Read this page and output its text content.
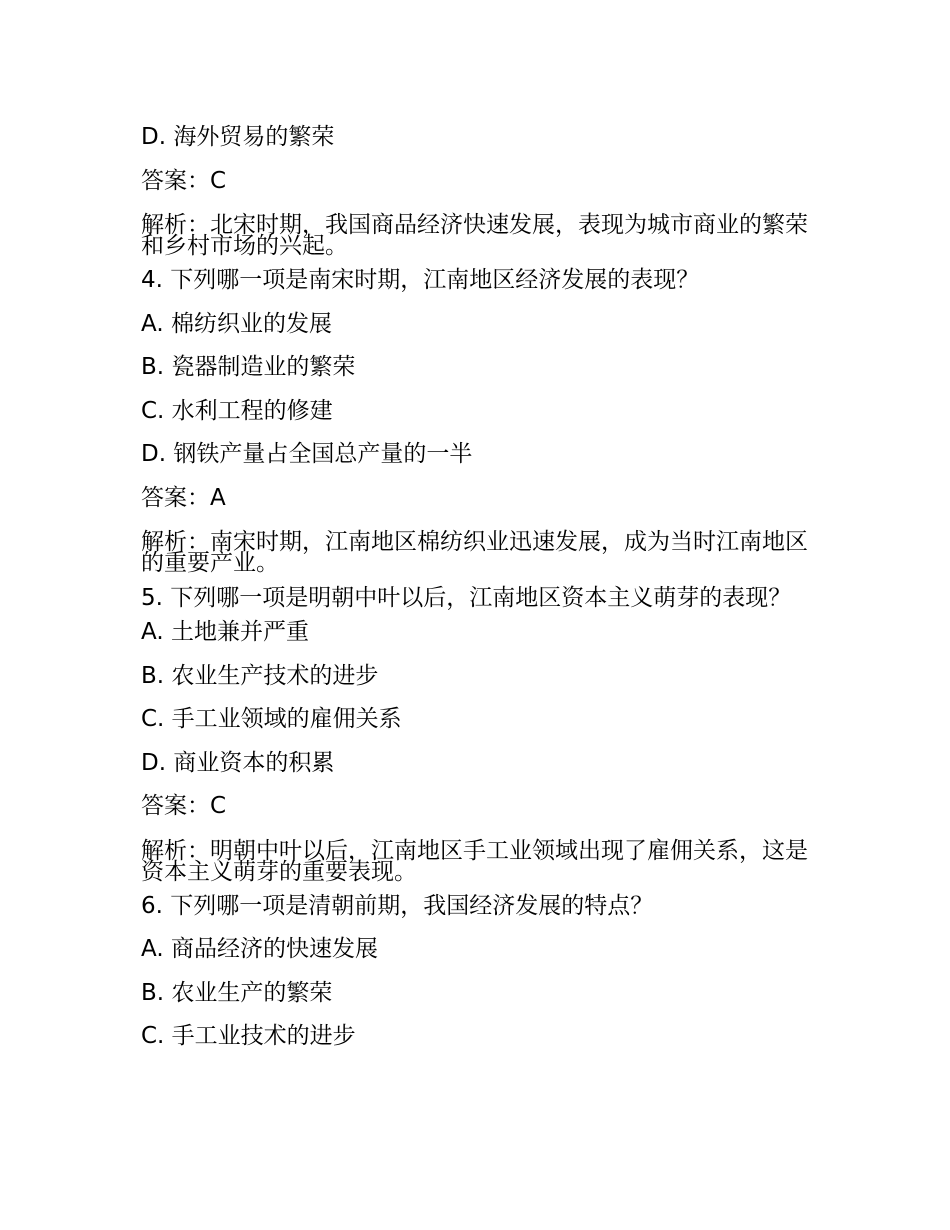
D. 海外贸易的繁荣
答案：C
解析：北宋时期，我国商品经济快速发展，表现为城市商业的繁荣和乡村市场的兴起。
4. 下列哪一项是南宋时期，江南地区经济发展的表现？
A. 棉纺织业的发展
B. 瓷器制造业的繁荣
C. 水利工程的修建
D. 钢铁产量占全国总产量的一半
答案：A
解析：南宋时期，江南地区棉纺织业迅速发展，成为当时江南地区的重要产业。
5. 下列哪一项是明朝中叶以后，江南地区资本主义萌芽的表现？
A. 土地兼并严重
B. 农业生产技术的进步
C. 手工业领域的雇佣关系
D. 商业资本的积累
答案：C
解析：明朝中叶以后，江南地区手工业领域出现了雇佣关系，这是资本主义萌芽的重要表现。
6. 下列哪一项是清朝前期，我国经济发展的特点？
A. 商品经济的快速发展
B. 农业生产的繁荣
C. 手工业技术的进步
